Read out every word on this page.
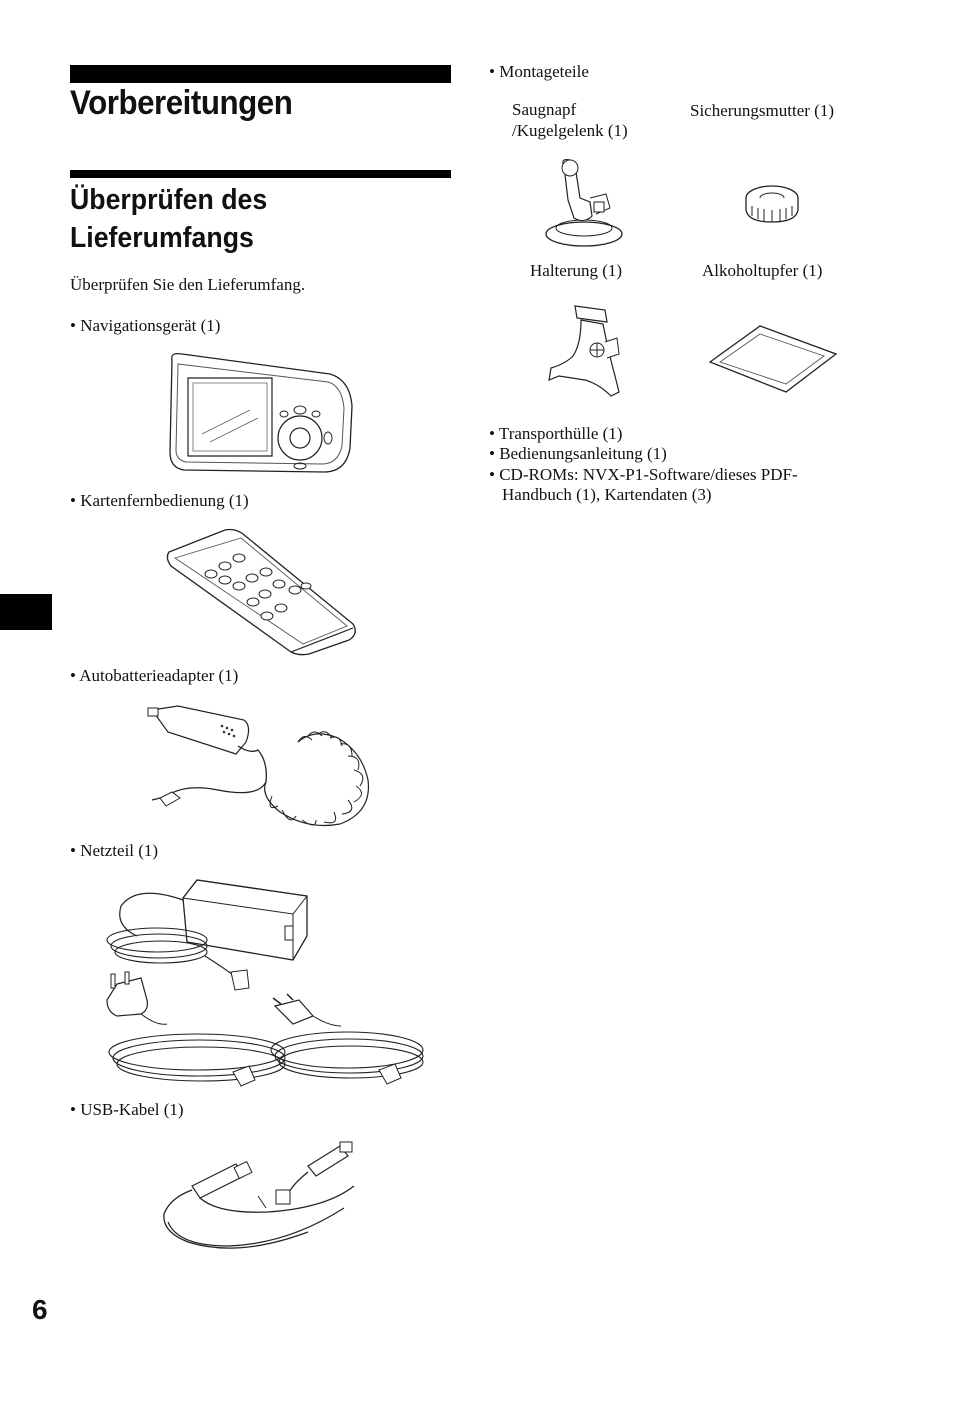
Vorbereitungen
Überprüfen des Lieferumfangs
Überprüfen Sie den Lieferumfang.
• Navigationsgerät (1)
• Kartenfernbedienung (1)
• Autobatterieadapter (1)
• Netzteil (1)
• USB-Kabel (1)
6
• Montageteile
Saugnapf
/Kugelgelenk (1)
Sicherungsmutter (1)
Halterung (1)	Alkoholtupfer (1)
• Transporthülle (1)
• Bedienungsanleitung (1)
• CD-ROMs: NVX-P1-Software/dieses PDF-
Handbuch (1), Kartendaten (3)
